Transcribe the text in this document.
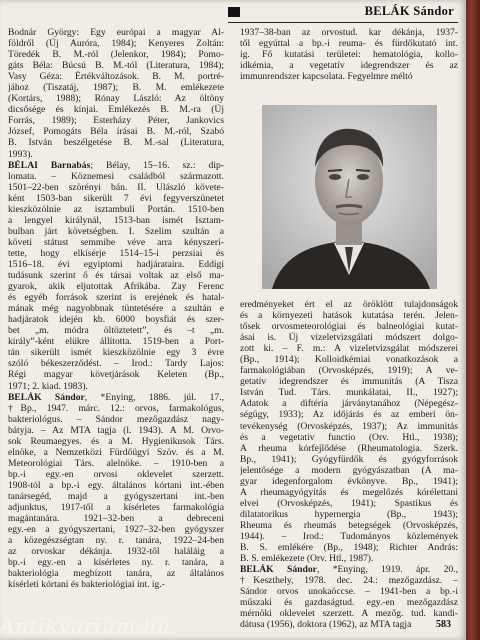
BELÁK Sándor
Bodnár György: Egy európai a magyar Al-
földről (Új Auróra, 1984); Kenyeres Zoltán:
Töredék B. M.-ról (Jelenkor, 1984); Pomo-
gáts Béla: Búcsú B. M.-tól (Literatura, 1984);
Vasy Géza: Értékváltozások. B. M. portré-
jához (Tiszatáj, 1987); B. M. emlékezete
(Kortárs, 1988); Rónay László: Az öltöny
dicsősége és kínjai. Emlékezés B. M.-ra (Új
Forrás, 1989); Esterházy Péter, Jankovics
József, Pomogáts Béla írásai B. M.-ról, Szabó
B. István beszélgetése B. M.-sal (Literatura,
1993).
BÉLAI Barnabás; Bélay, 15–16. sz.: dip-
lomata. – Köznemesi családból származott.
1501–22-ben szörényi bán. II. Ulászló követe-
ként 1503-ban sikerült 7 évi fegyverszünetet
kieszközölnie az isztambuli Portán. 1510-ben
a lengyel királynál, 1513-ban ismét Isztam-
bulban járt követségben. I. Szelim szultán a
követi státust semmibe véve arra kényszerí-
tette, hogy elkísérje 1514–15-i perzsiai és
1516–18. évi egyiptomi hadjárataira. Eddigi
tudásunk szerint ő és társai voltak az első ma-
gyarok, akik eljutottak Afrikába. Zay Ferenc
és egyéb források szerint is erejének és hatal-
mának még nagyobbnak tüntetésére a szultán e
hadjáratok idején kb. 6000 boysfiát és szer-
bet „m. módra öltöztetett”, és –t „m.
király”-ként elükre állította. 1519-ben a Port-
tán sikerült ismét kieszközölnie egy 3 évre
szóló békeszerződést. – Irod.: Tardy Lajos:
Régi magyar követjárások Keleten (Bp.,
1971; 2. kiad. 1983).
BELÁK Sándor, *Enying, 1886. júl. 17.,
†Bp., 1947. márc. 12.: orvos, farmakológus,
bakteriológus. – Sándor mezőgazdász nagy-
bátyja. – Az MTA tagja (l. 1943). A M. Orvo-
sok Reumaegyes. és a M. Hygienikusok Társ.
elnöke, a Nemzetközi Fürdőügyi Szöv. és a M.
Meteorológiai Társ. alelnöke. – 1910-ben a
bp.-i egy.-en orvosi oklevelet szerzett.
1908-tól a bp.-i egy. általános kórtani int.-ében
tanársegéd, majd a gyógyszertani int.-ben
adjunktus, 1917-től a kísérletes farmakológia
magántanára. 1921–32-ben a debreceni
egy.-en a gyógyszertani, 1927–32-ben gyógyszer
a közegészségtan ny. r. tanára, 1922–24-ben
az orvoskar dékánja. 1932-től haláláig a
bp.-i egy.-en a kísérletes ny. r. tanára, a
bakteriológia megbízott tanára, az általános
kísérleti kórtani és bakteriológiai int. ig.-
1937–38-ban az orvostud. kar dékánja, 1937-
től egyúttal a bp.-i reuma- és fürdőkutató int.
ig. Fő kutatási területei: hematológia, kollo-
idkémia, a vegetatív idegrendszer és az
immunrendszer kapcsolata. Fegyelmre méltó
eredményeket ért el az öröklött tulajdonságok
és a környezeti hatások kutatása terén. Jelen-
tősek orvosmeteorológiai és balneológiai kutat-
ásai is. Új vizeletvizsgálati módszert dolgo-
zott ki. – F. m.: A vizeletvizsgálat módszerei
(Bp., 1914); Kolloidkémiai vonatkozások a
farmakológiában (Orvosképzés, 1919); A ve-
getatív idegrendszer és immunitás (A Tisza
István Tud. Társ. munkálatai, II., 1927);
Adatok a diftéria járványtanához (Népegész-
ségügy, 1933); Az időjárás és az emberi ön-
tevékenység (Orvosképzés, 1937); Az immunitás
és a vegetatív functio (Orv. Htl., 1938);
A rheuma kórfejlődése (Rheumatologia. Szerk.
Bp., 1941); Gyógyfürdők és gyógyforrások
jelentősége a modern gyógyászatban (A ma-
gyar idegenforgalom évkönyve. Bp., 1941);
A rheumagyógyítás és megelőzés kórélettani
elvei (Orvosképzés, 1941); Spastikus és
dilatatorikus hypernergia (Bp., 1943);
Rheuma és rheumás betegségek (Orvosképzés,
1944). – Irod.: Tudományos közlemények
B. S. emlékére (Bp., 1948); Richter András:
B. S. emlékezete (Orv. Htl., 1987).
BELÁK Sándor, *Enying, 1919. ápr. 20.,
†Keszthely, 1978. dec. 24.: mezőgazdász. –
Sándor orvos unokaöccse. – 1941-ben a bp.-i
műszaki és gazdaságtud. egy.-en mezőgazdász
mérnöki oklevelet szerzett. A mezőg. tud. kandi-
dátusa (1956), doktora (1962), az MTA tagja	583
Antikvarium.hu
